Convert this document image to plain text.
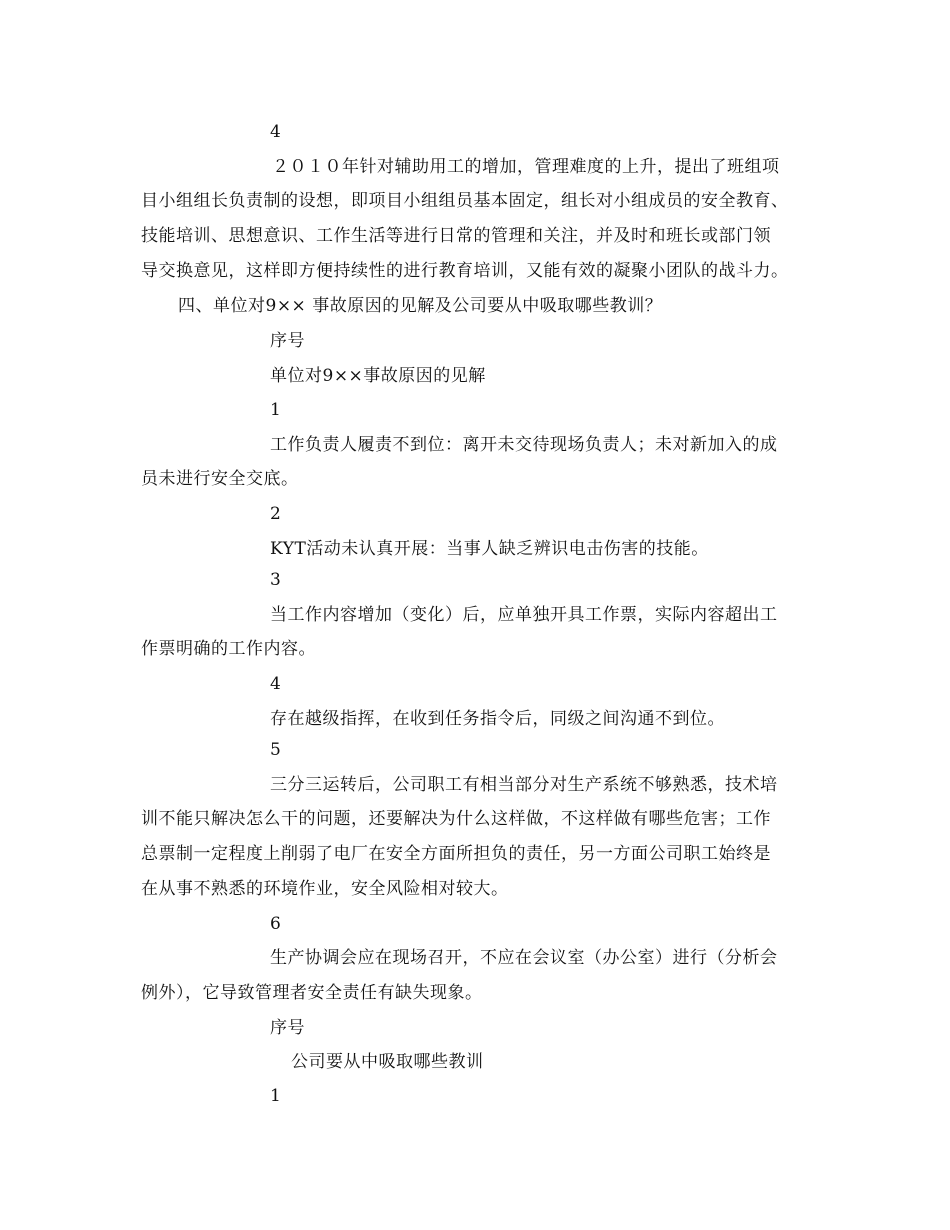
4
２０１０年针对辅助用工的增加，管理难度的上升，提出了班组项
目小组组长负责制的设想，即项目小组组员基本固定，组长对小组成员的安全教育、
技能培训、思想意识、工作生活等进行日常的管理和关注，并及时和班长或部门领
导交换意见，这样即方便持续性的进行教育培训，又能有效的凝聚小团队的战斗力。
四、单位对9×× 事故原因的见解及公司要从中吸取哪些教训？
序号
单位对9××事故原因的见解
1
工作负责人履责不到位：离开未交待现场负责人；未对新加入的成
员未进行安全交底。
2
KYT活动未认真开展：当事人缺乏辨识电击伤害的技能。
3
当工作内容增加（变化）后，应单独开具工作票，实际内容超出工
作票明确的工作内容。
4
存在越级指挥，在收到任务指令后，同级之间沟通不到位。
5
三分三运转后，公司职工有相当部分对生产系统不够熟悉，技术培
训不能只解决怎么干的问题，还要解决为什么这样做，不这样做有哪些危害；工作
总票制一定程度上削弱了电厂在安全方面所担负的责任，另一方面公司职工始终是
在从事不熟悉的环境作业，安全风险相对较大。
6
生产协调会应在现场召开，不应在会议室（办公室）进行（分析会
例外），它导致管理者安全责任有缺失现象。
序号
公司要从中吸取哪些教训
1
